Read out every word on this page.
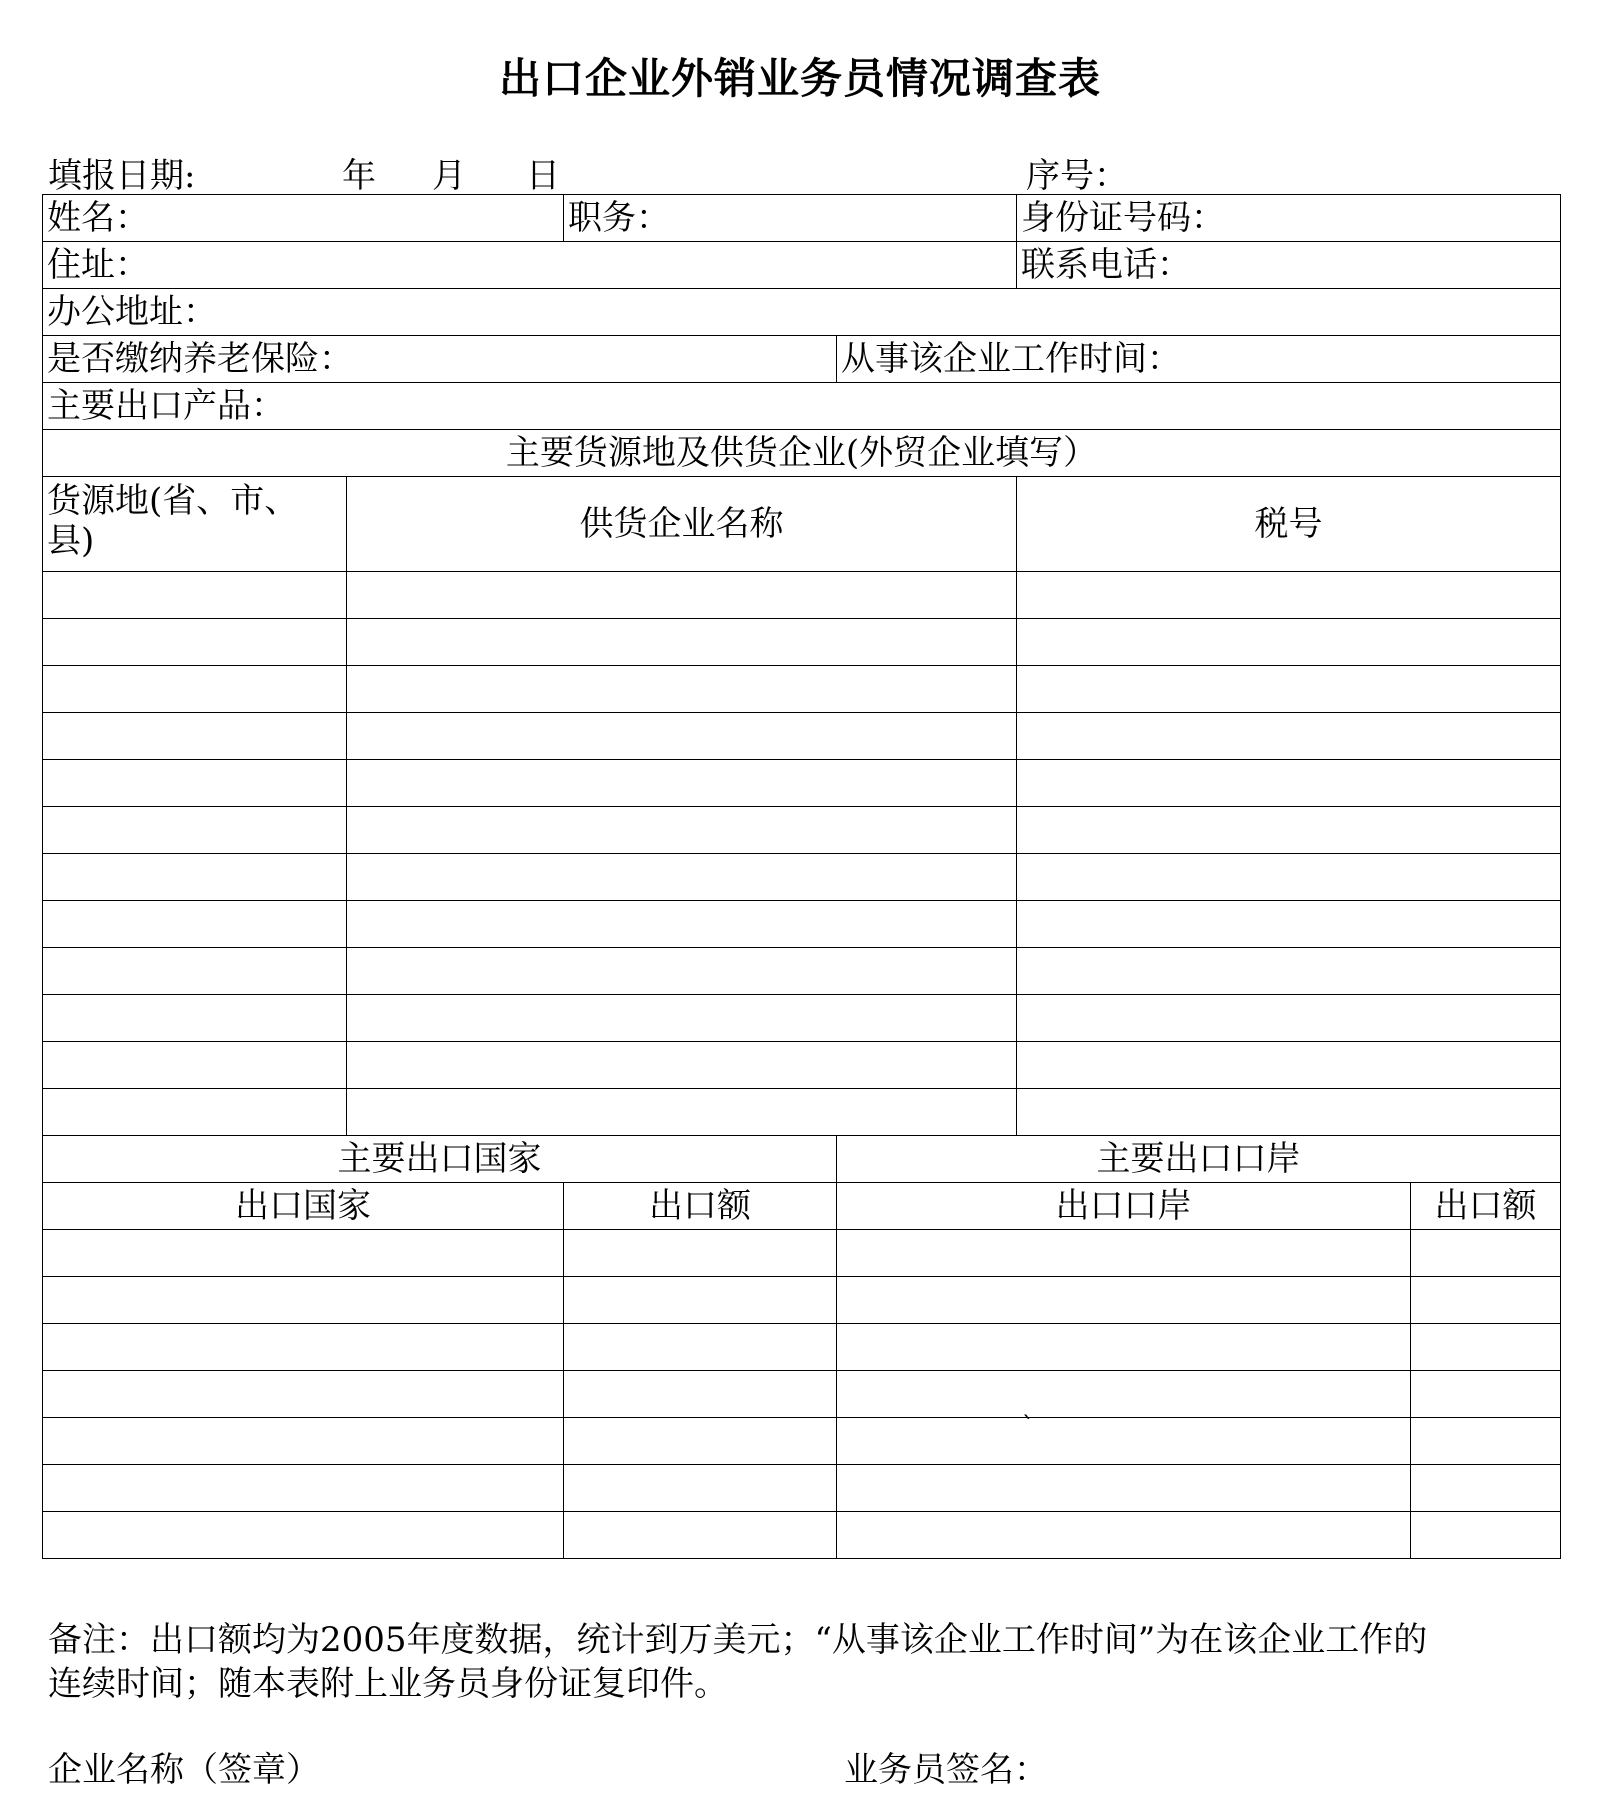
出口企业外销业务员情况调查表
填报日期:	年 月 日	序号：
姓名：		职务：		身份证号码：	
住址：				联系电话：	
办公地址：					
是否缴纳养老保险：			从事该企业工作时间：		
主要出口产品：					
主要货源地及供货企业(外贸企业填写）					
货源地(省、市、县)	供货企业名称			税号	

主要出口国家			主要出口口岸		
出口国家		出口额	出口口岸		出口额

`
备注：出口额均为2005年度数据，统计到万美元；“从事该企业工作时间”为在该企业工作的连续时间；随本表附上业务员身份证复印件。
企业名称（签章）	业务员签名：
